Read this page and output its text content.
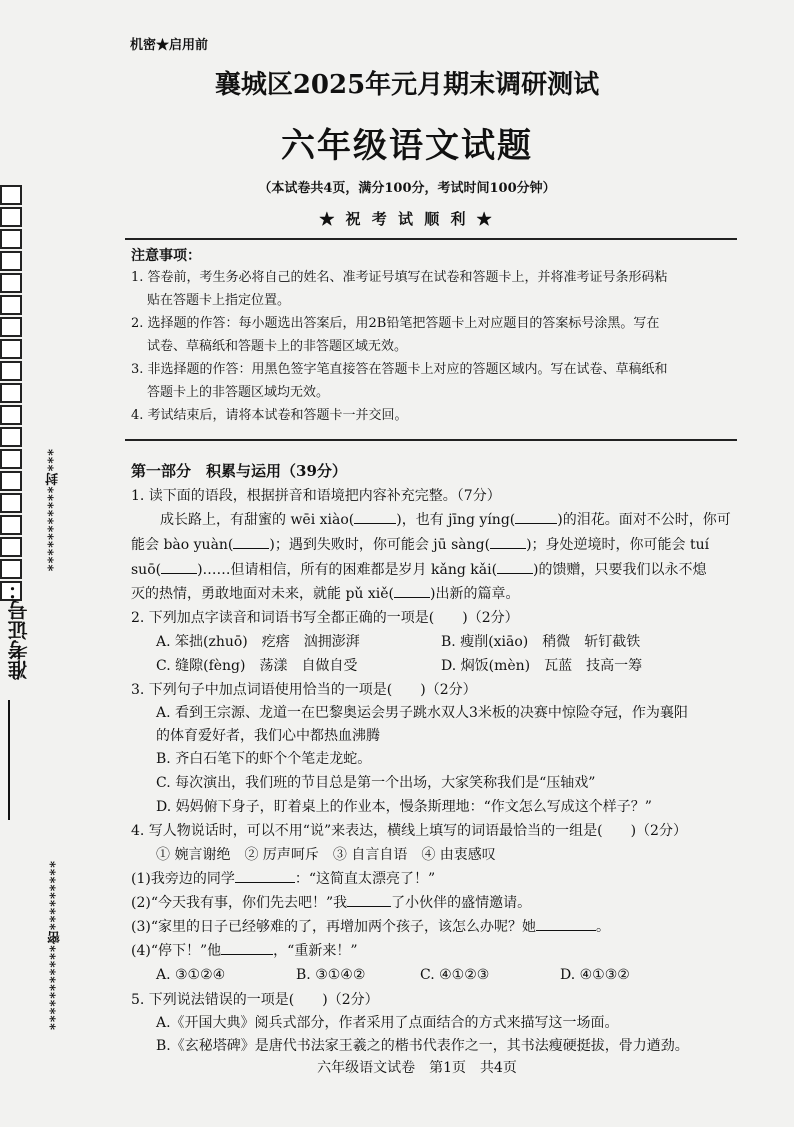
准考证号：
***********封***
***********密*********
机密★启用前
襄城区2025年元月期末调研测试
六年级语文试题
（本试卷共4页，满分100分，考试时间100分钟）
★ 祝 考 试 顺 利 ★
注意事项：
1. 答卷前，考生务必将自己的姓名、准考证号填写在试卷和答题卡上，并将准考证号条形码粘
贴在答题卡上指定位置。
2. 选择题的作答：每小题选出答案后，用2B铅笔把答题卡上对应题目的答案标号涂黑。写在
试卷、草稿纸和答题卡上的非答题区域无效。
3. 非选择题的作答：用黑色签字笔直接答在答题卡上对应的答题区域内。写在试卷、草稿纸和
答题卡上的非答题区域均无效。
4. 考试结束后，请将本试卷和答题卡一并交回。
第一部分　积累与运用（39分）
1. 读下面的语段，根据拼音和语境把内容补充完整。（7分）
成长路上，有甜蜜的 wēi xiào(	)，也有 jīng yíng(	)的泪花。面对不公时，你可
能会 bào yuàn(	)；遇到失败时，你可能会 jū sàng(	)；身处逆境时，你可能会 tuí
suō(	)……但请相信，所有的困难都是岁月 kǎng kǎi(	)的馈赠，只要我们以永不熄
灭的热情，勇敢地面对未来，就能 pǔ xiě(	)出新的篇章。
2. 下列加点字读音和词语书写全都正确的一项是(　　)（2分）
A. 笨拙(zhuō)　疙瘩　汹拥澎湃	B. 瘦削(xiāo)　稍微　斩钉截铁
C. 缝隙(fèng)　荡漾　自做自受	D. 焖饭(mèn)　瓦蓝　技高一筹
3. 下列句子中加点词语使用恰当的一项是(　　)（2分）
A. 看到王宗源、龙道一在巴黎奥运会男子跳水双人3米板的决赛中惊险夺冠，作为襄阳
的体育爱好者，我们心中都热血沸腾
B. 齐白石笔下的虾个个笔走龙蛇。
C. 每次演出，我们班的节目总是第一个出场，大家笑称我们是“压轴戏”
D. 妈妈俯下身子，盯着桌上的作业本，慢条斯理地：“作文怎么写成这个样子？”
4. 写人物说话时，可以不用“说”来表达，横线上填写的词语最恰当的一组是(　　)（2分）
① 婉言谢绝　② 厉声呵斥　③ 自言自语　④ 由衷感叹
(1)我旁边的同学	：“这简直太漂亮了！”
(2)“今天我有事，你们先去吧！”我	了小伙伴的盛情邀请。
(3)“家里的日子已经够难的了，再增加两个孩子，该怎么办呢？她	。
(4)“停下！”他	，“重新来！”
A. ③①②④	B. ③①④②	C. ④①②③	D. ④①③②
5. 下列说法错误的一项是(　　)（2分）
A.《开国大典》阅兵式部分，作者采用了点面结合的方式来描写这一场面。
B.《玄秘塔碑》是唐代书法家王羲之的楷书代表作之一，其书法瘦硬挺拔，骨力遒劲。
六年级语文试卷　第1页　共4页
